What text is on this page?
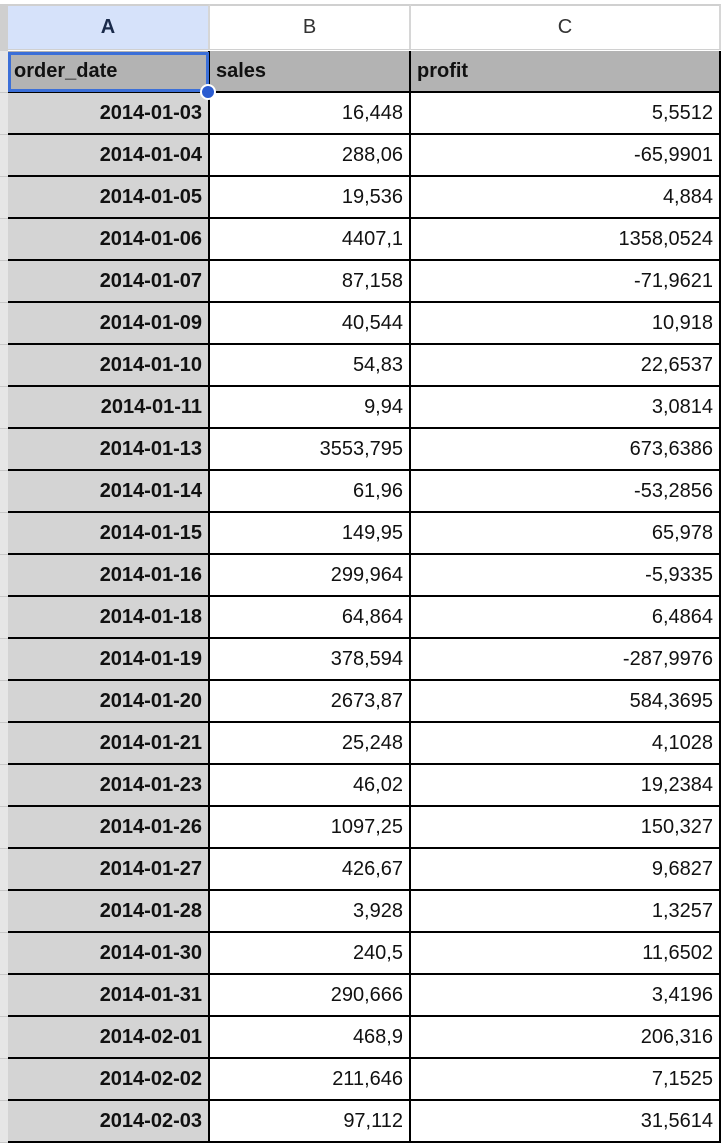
A	B	C
order_date	sales	profit
2014-01-03	16,448	5,5512
2014-01-04	288,06	-65,9901
2014-01-05	19,536	4,884
2014-01-06	4407,1	1358,0524
2014-01-07	87,158	-71,9621
2014-01-09	40,544	10,918
2014-01-10	54,83	22,6537
2014-01-11	9,94	3,0814
2014-01-13	3553,795	673,6386
2014-01-14	61,96	-53,2856
2014-01-15	149,95	65,978
2014-01-16	299,964	-5,9335
2014-01-18	64,864	6,4864
2014-01-19	378,594	-287,9976
2014-01-20	2673,87	584,3695
2014-01-21	25,248	4,1028
2014-01-23	46,02	19,2384
2014-01-26	1097,25	150,327
2014-01-27	426,67	9,6827
2014-01-28	3,928	1,3257
2014-01-30	240,5	11,6502
2014-01-31	290,666	3,4196
2014-02-01	468,9	206,316
2014-02-02	211,646	7,1525
2014-02-03	97,112	31,5614
